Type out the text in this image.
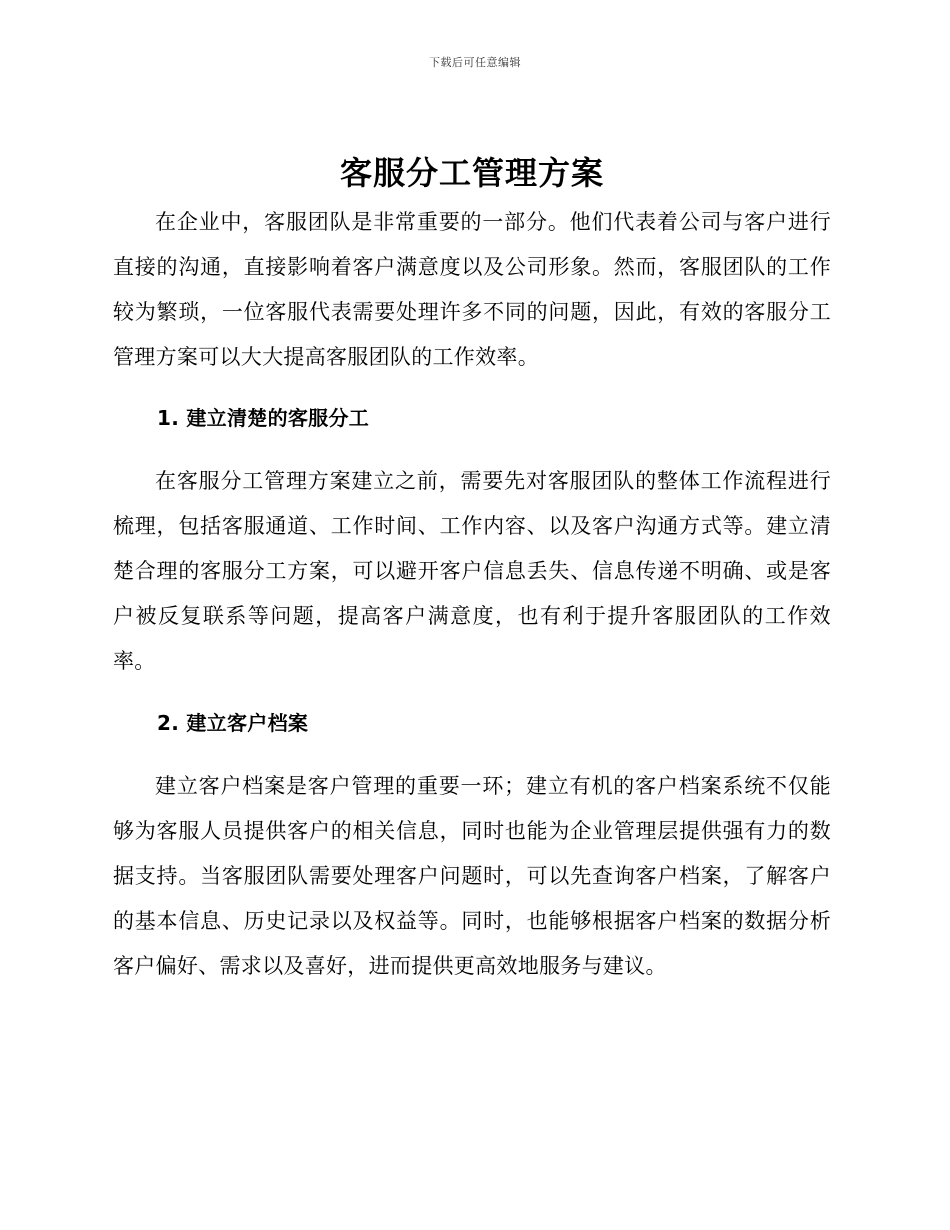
下载后可任意编辑
客服分工管理方案

在企业中，客服团队是非常重要的一部分。他们代表着公司与客户进行直接的沟通，直接影响着客户满意度以及公司形象。然而，客服团队的工作较为繁琐，一位客服代表需要处理许多不同的问题，因此，有效的客服分工管理方案可以大大提高客服团队的工作效率。

1. 建立清楚的客服分工

在客服分工管理方案建立之前，需要先对客服团队的整体工作流程进行梳理，包括客服通道、工作时间、工作内容、以及客户沟通方式等。建立清楚合理的客服分工方案，可以避开客户信息丢失、信息传递不明确、或是客户被反复联系等问题，提高客户满意度，也有利于提升客服团队的工作效率。

2. 建立客户档案

建立客户档案是客户管理的重要一环；建立有机的客户档案系统不仅能够为客服人员提供客户的相关信息，同时也能为企业管理层提供强有力的数据支持。当客服团队需要处理客户问题时，可以先查询客户档案，了解客户的基本信息、历史记录以及权益等。同时，也能够根据客户档案的数据分析客户偏好、需求以及喜好，进而提供更高效地服务与建议。
